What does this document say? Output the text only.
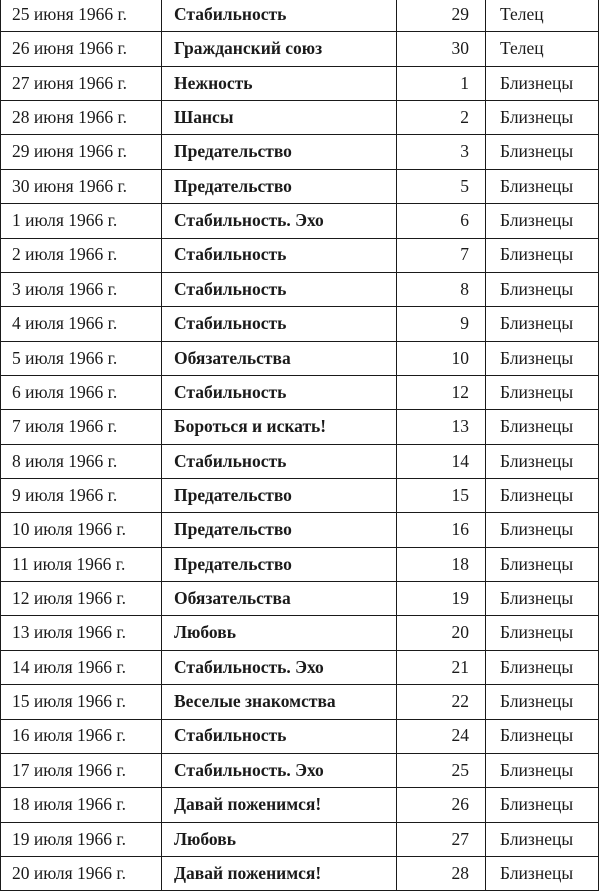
25 июня 1966 г.	Стабильность	29	Телец
26 июня 1966 г.	Гражданский союз	30	Телец
27 июня 1966 г.	Нежность	1	Близнецы
28 июня 1966 г.	Шансы	2	Близнецы
29 июня 1966 г.	Предательство	3	Близнецы
30 июня 1966 г.	Предательство	5	Близнецы
1 июля 1966 г.	Стабильность. Эхо	6	Близнецы
2 июля 1966 г.	Стабильность	7	Близнецы
3 июля 1966 г.	Стабильность	8	Близнецы
4 июля 1966 г.	Стабильность	9	Близнецы
5 июля 1966 г.	Обязательства	10	Близнецы
6 июля 1966 г.	Стабильность	12	Близнецы
7 июля 1966 г.	Бороться и искать!	13	Близнецы
8 июля 1966 г.	Стабильность	14	Близнецы
9 июля 1966 г.	Предательство	15	Близнецы
10 июля 1966 г.	Предательство	16	Близнецы
11 июля 1966 г.	Предательство	18	Близнецы
12 июля 1966 г.	Обязательства	19	Близнецы
13 июля 1966 г.	Любовь	20	Близнецы
14 июля 1966 г.	Стабильность. Эхо	21	Близнецы
15 июля 1966 г.	Веселые знакомства	22	Близнецы
16 июля 1966 г.	Стабильность	24	Близнецы
17 июля 1966 г.	Стабильность. Эхо	25	Близнецы
18 июля 1966 г.	Давай поженимся!	26	Близнецы
19 июля 1966 г.	Любовь	27	Близнецы
20 июля 1966 г.	Давай поженимся!	28	Близнецы
